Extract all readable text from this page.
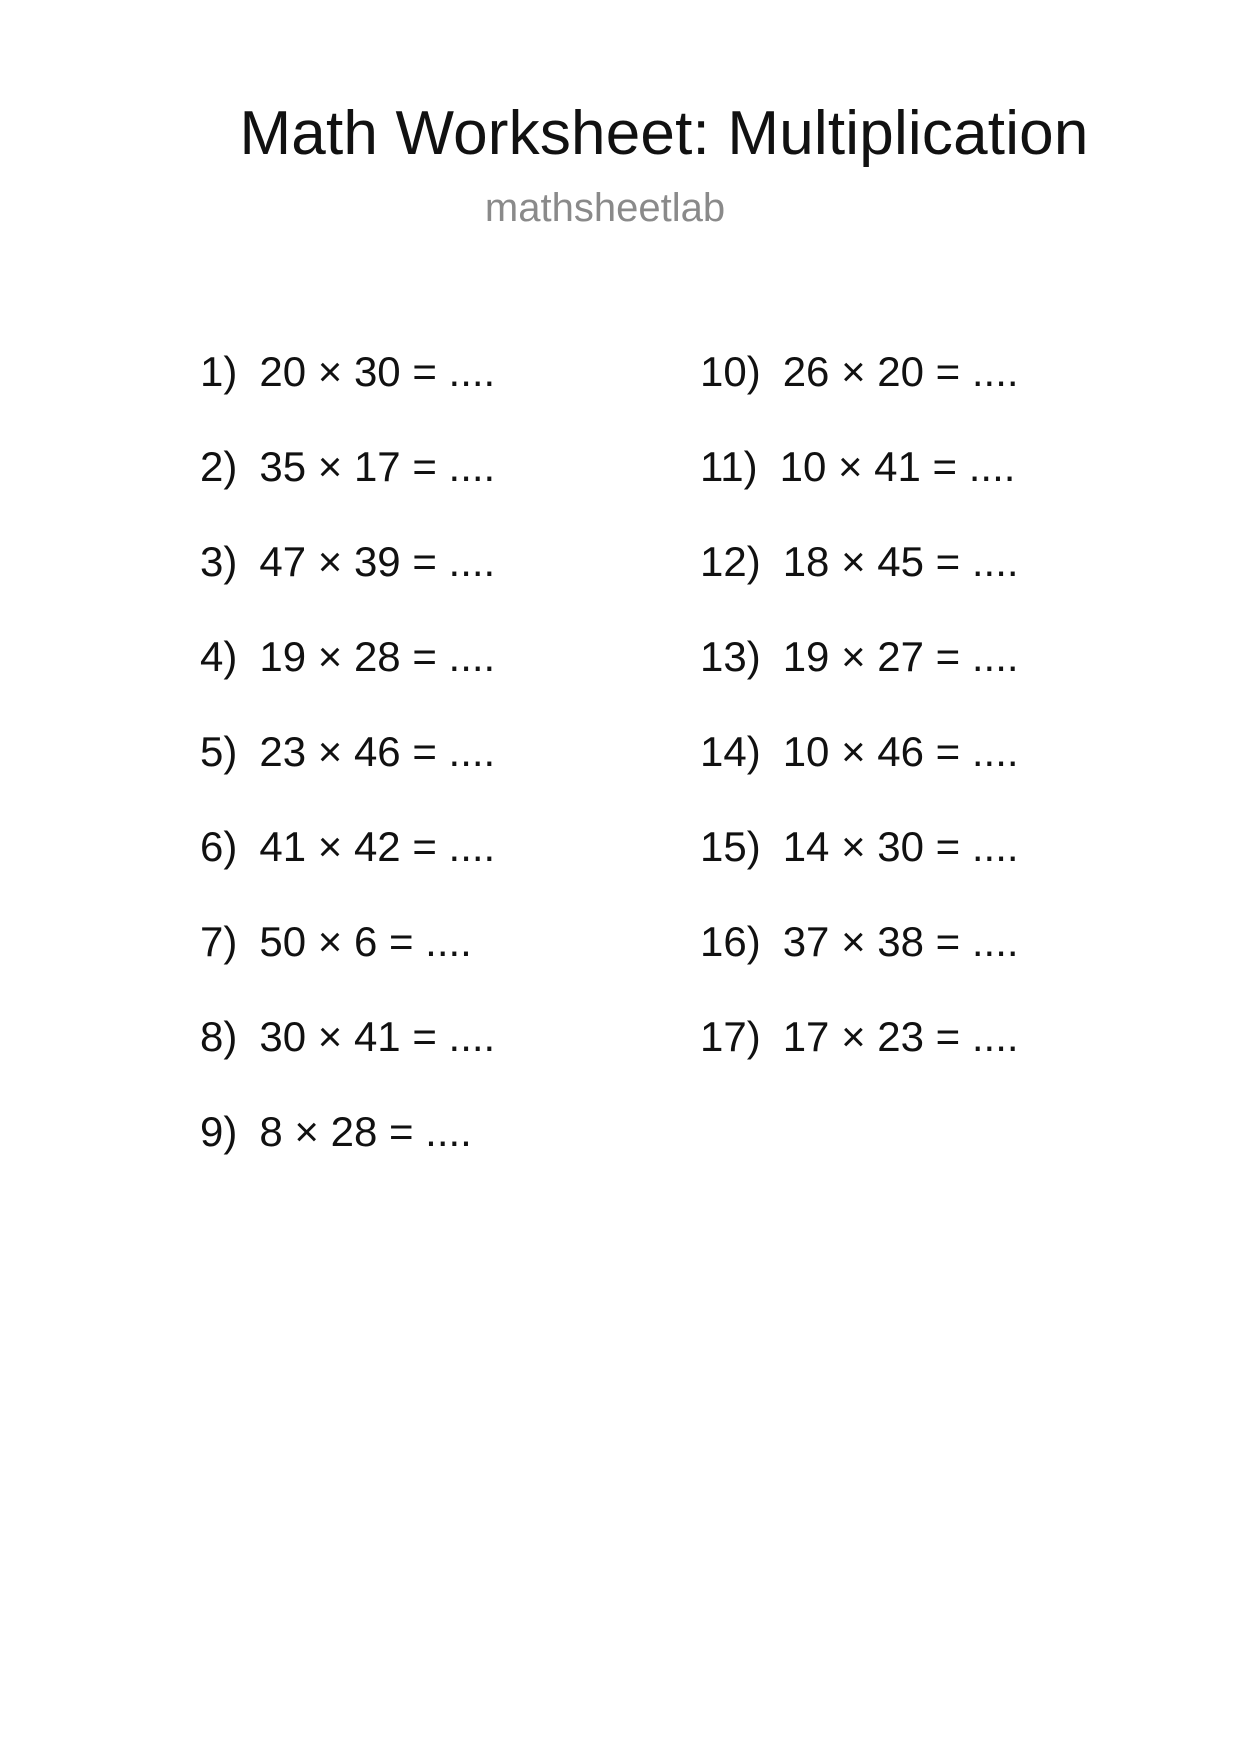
Math Worksheet: Multiplication
mathsheetlab
1) 20 × 30 = ....
2) 35 × 17 = ....
3) 47 × 39 = ....
4) 19 × 28 = ....
5) 23 × 46 = ....
6) 41 × 42 = ....
7) 50 × 6 = ....
8) 30 × 41 = ....
9) 8 × 28 = ....
10) 26 × 20 = ....
11) 10 × 41 = ....
12) 18 × 45 = ....
13) 19 × 27 = ....
14) 10 × 46 = ....
15) 14 × 30 = ....
16) 37 × 38 = ....
17) 17 × 23 = ....
